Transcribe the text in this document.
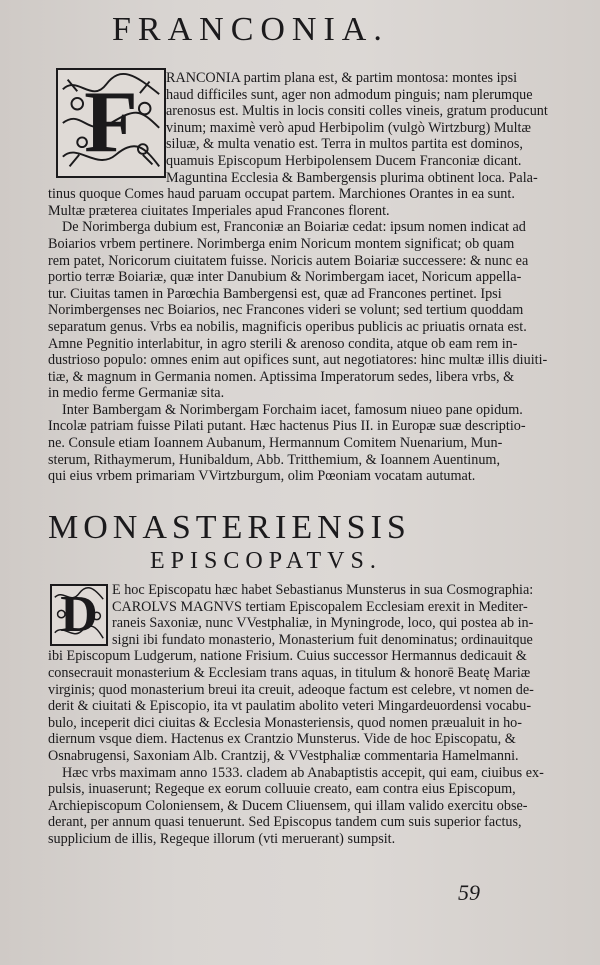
FRANCONIA.
F	RANCONIA partim plana est, & partim montosa: montes ipsi
haud difficiles sunt, ager non admodum pinguis; nam plerumque
arenosus est. Multis in locis consiti colles vineis, gratum producunt
vinum; maximè verò apud Herbipolim (vulgò Wirtzburg) Multæ
siluæ, & multa venatio est. Terra in multos partita est dominos,
quamuis Episcopum Herbipolensem Ducem Franconiæ dicant.
Maguntina Ecclesia & Bambergensis plurima obtinent loca. Pala-
tinus quoque Comes haud paruam occupat partem. Marchiones Orantes in ea sunt.
Multæ præterea ciuitates Imperiales apud Francones florent.
De Norimberga dubium est, Franconiæ an Boiariæ cedat: ipsum nomen indicat ad
Boiarios vrbem pertinere. Norimberga enim Noricum montem significat; ob quam
rem patet, Noricorum ciuitatem fuisse. Noricis autem Boiariæ successere: & nunc ea
portio terræ Boiariæ, quæ inter Danubium & Norimbergam iacet, Noricum appella-
tur. Ciuitas tamen in Parœchia Bambergensi est, quæ ad Francones pertinet. Ipsi
Norimbergenses nec Boiarios, nec Francones videri se volunt; sed tertium quoddam
separatum genus. Vrbs ea nobilis, magnificis operibus publicis ac priuatis ornata est.
Amne Pegnitio interlabitur, in agro sterili & arenoso condita, atque ob eam rem in-
dustrioso populo: omnes enim aut opifices sunt, aut negotiatores: hinc multæ illis diuiti-
tiæ, & magnum in Germania nomen. Aptissima Imperatorum sedes, libera vrbs, &
in medio ferme Germaniæ sita.
Inter Bambergam & Norimbergam Forchaim iacet, famosum niueo pane opidum.
Incolæ patriam fuisse Pilati putant. Hæc hactenus Pius II. in Europæ suæ descriptio-
ne. Consule etiam Ioannem Aubanum, Hermannum Comitem Nuenarium, Mun-
sterum, Rithaymerum, Hunibaldum, Abb. Tritthemium, & Ioannem Auentinum,
qui eius vrbem primariam VVirtzburgum, olim Pœoniam vocatam autumat.
MONASTERIENSIS
EPISCOPATVS.
D	E hoc Episcopatu hæc habet Sebastianus Munsterus in sua Cosmographia:
CAROLVS MAGNVS tertiam Episcopalem Ecclesiam erexit in Mediter-
raneis Saxoniæ, nunc VVestphaliæ, in Myningrode, loco, qui postea ab in-
signi ibi fundato monasterio, Monasterium fuit denominatus; ordinauitque
ibi Episcopum Ludgerum, natione Frisium. Cuius successor Hermannus dedicauit &
consecrauit monasterium & Ecclesiam trans aquas, in titulum & honorē Beatę Mariæ
virginis; quod monasterium breui ita creuit, adeoque factum est celebre, vt nomen de-
derit & ciuitati & Episcopio, ita vt paulatim abolito veteri Mingardeuordensi vocabu-
bulo, inceperit dici ciuitas & Ecclesia Monasteriensis, quod nomen præualuit in ho-
diernum vsque diem. Hactenus ex Crantzio Munsterus. Vide de hoc Episcopatu, &
Osnabrugensi, Saxoniam Alb. Crantzij, & VVestphaliæ commentaria Hamelmanni.
Hæc vrbs maximam anno 1533. cladem ab Anabaptistis accepit, qui eam, ciuibus ex-
pulsis, inuaserunt; Regeque ex eorum colluuie creato, eam contra eius Episcopum,
Archiepiscopum Coloniensem, & Ducem Cliuensem, qui illam valido exercitu obse-
derant, per annum quasi tenuerunt. Sed Episcopus tandem cum suis superior factus,
supplicium de illis, Regeque illorum (vti meruerant) sumpsit.
59
